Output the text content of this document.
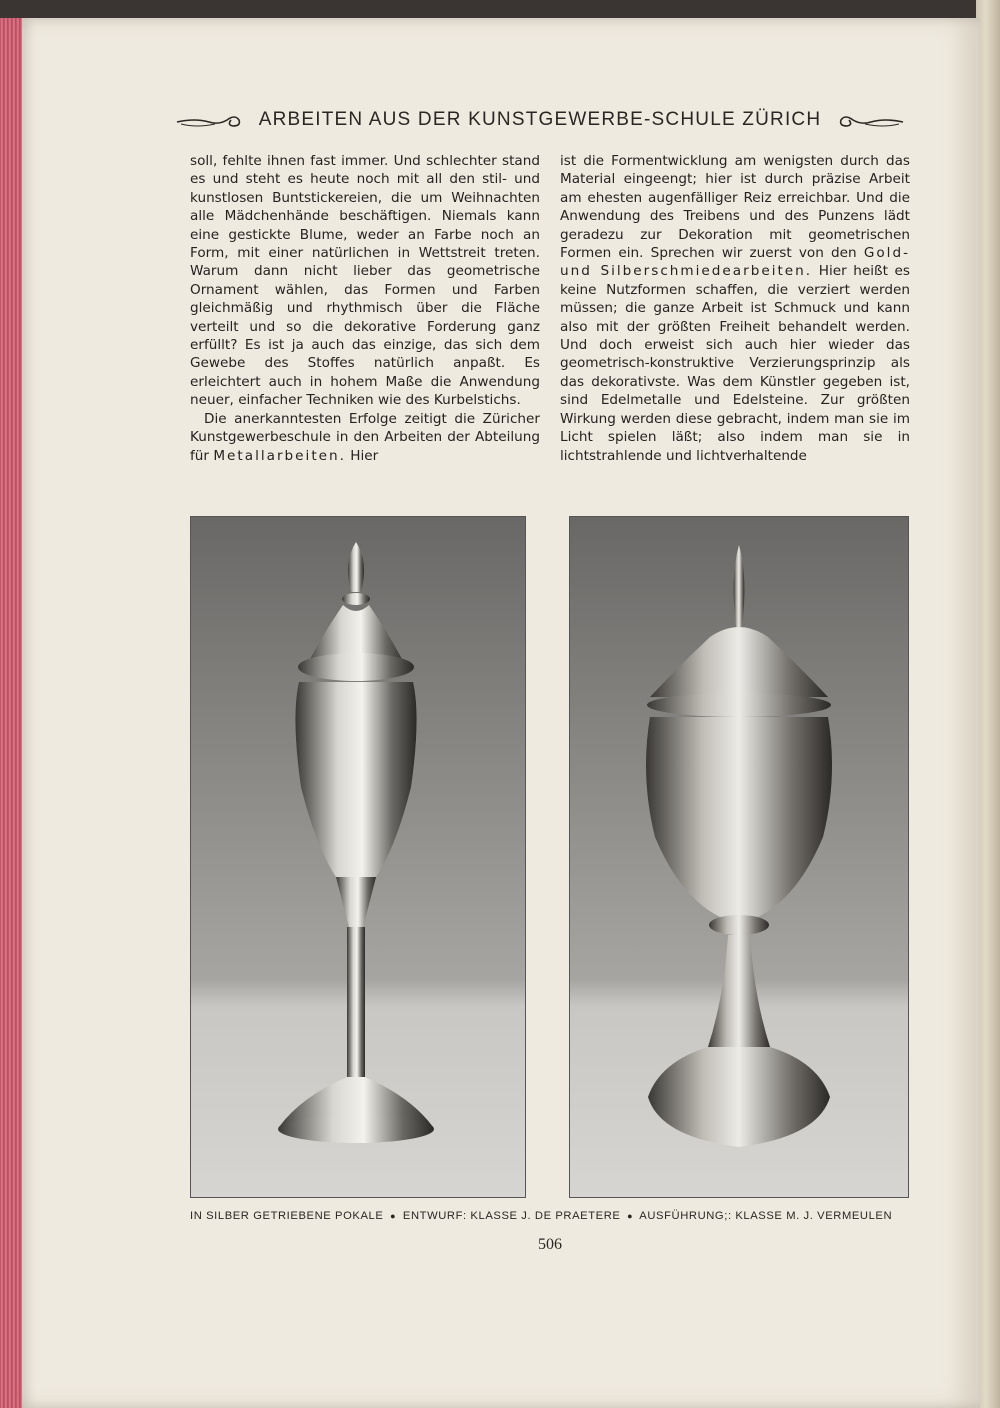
ARBEITEN AUS DER KUNSTGEWERBE-SCHULE ZÜRICH

soll, fehlte ihnen fast immer. Und schlechter stand es und steht es heute noch mit all den stil- und kunstlosen Buntstickereien, die um Weihnachten alle Mädchenhände beschäftigen. Niemals kann eine gestickte Blume, weder an Farbe noch an Form, mit einer natürlichen in Wettstreit treten. Warum dann nicht lieber das geometrische Ornament wählen, das Formen und Farben gleichmäßig und rhythmisch über die Fläche verteilt und so die dekorative Forderung ganz erfüllt? Es ist ja auch das einzige, das sich dem Gewebe des Stoffes natürlich anpaßt. Es erleichtert auch in hohem Maße die Anwendung neuer, einfacher Techniken wie des Kurbelstichs.

Die anerkanntesten Erfolge zeitigt die Züricher Kunstgewerbeschule in den Arbeiten der Abteilung für Metallarbeiten. Hier

ist die Formentwicklung am wenigsten durch das Material eingeengt; hier ist durch präzise Arbeit am ehesten augenfälliger Reiz erreichbar. Und die Anwendung des Treibens und des Punzens lädt geradezu zur Dekoration mit geometrischen Formen ein. Sprechen wir zuerst von den Gold- und Silberschmiedearbeiten. Hier heißt es keine Nutzformen schaffen, die verziert werden müssen; die ganze Arbeit ist Schmuck und kann also mit der größten Freiheit behandelt werden. Und doch erweist sich auch hier wieder das geometrisch-konstruktive Verzierungsprinzip als das dekorativste. Was dem Künstler gegeben ist, sind Edelmetalle und Edelsteine. Zur größten Wirkung werden diese gebracht, indem man sie im Licht spielen läßt; also indem man sie in lichtstrahlende und lichtverhaltende

IN SILBER GETRIEBENE POKALE ● ENTWURF: KLASSE J. DE PRAETERE ● AUSFÜHRUNG;: KLASSE M. J. VERMEULEN
506
